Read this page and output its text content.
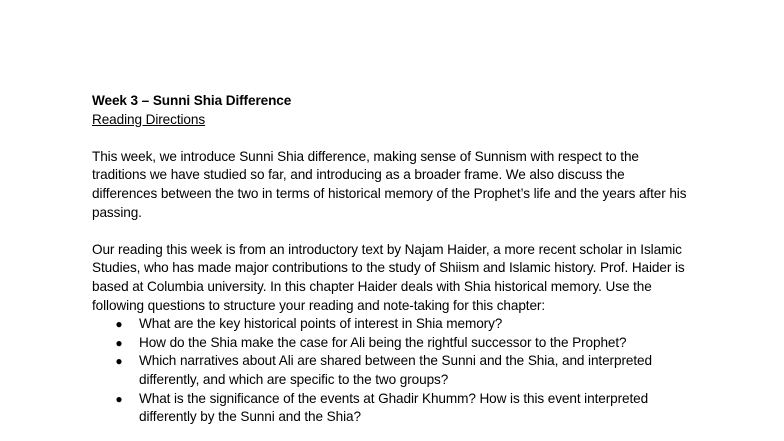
Week 3 – Sunni Shia Difference

Reading Directions

This week, we introduce Sunni Shia difference, making sense of Sunnism with respect to the traditions we have studied so far, and introducing as a broader frame. We also discuss the differences between the two in terms of historical memory of the Prophet’s life and the years after his passing.

Our reading this week is from an introductory text by Najam Haider, a more recent scholar in Islamic Studies, who has made major contributions to the study of Shiism and Islamic history. Prof. Haider is based at Columbia university. In this chapter Haider deals with Shia historical memory. Use the following questions to structure your reading and note-taking for this chapter:

● What are the key historical points of interest in Shia memory?
● How do the Shia make the case for Ali being the rightful successor to the Prophet?
● Which narratives about Ali are shared between the Sunni and the Shia, and interpreted differently, and which are specific to the two groups?
● What is the significance of the events at Ghadir Khumm? How is this event interpreted differently by the Sunni and the Shia?
